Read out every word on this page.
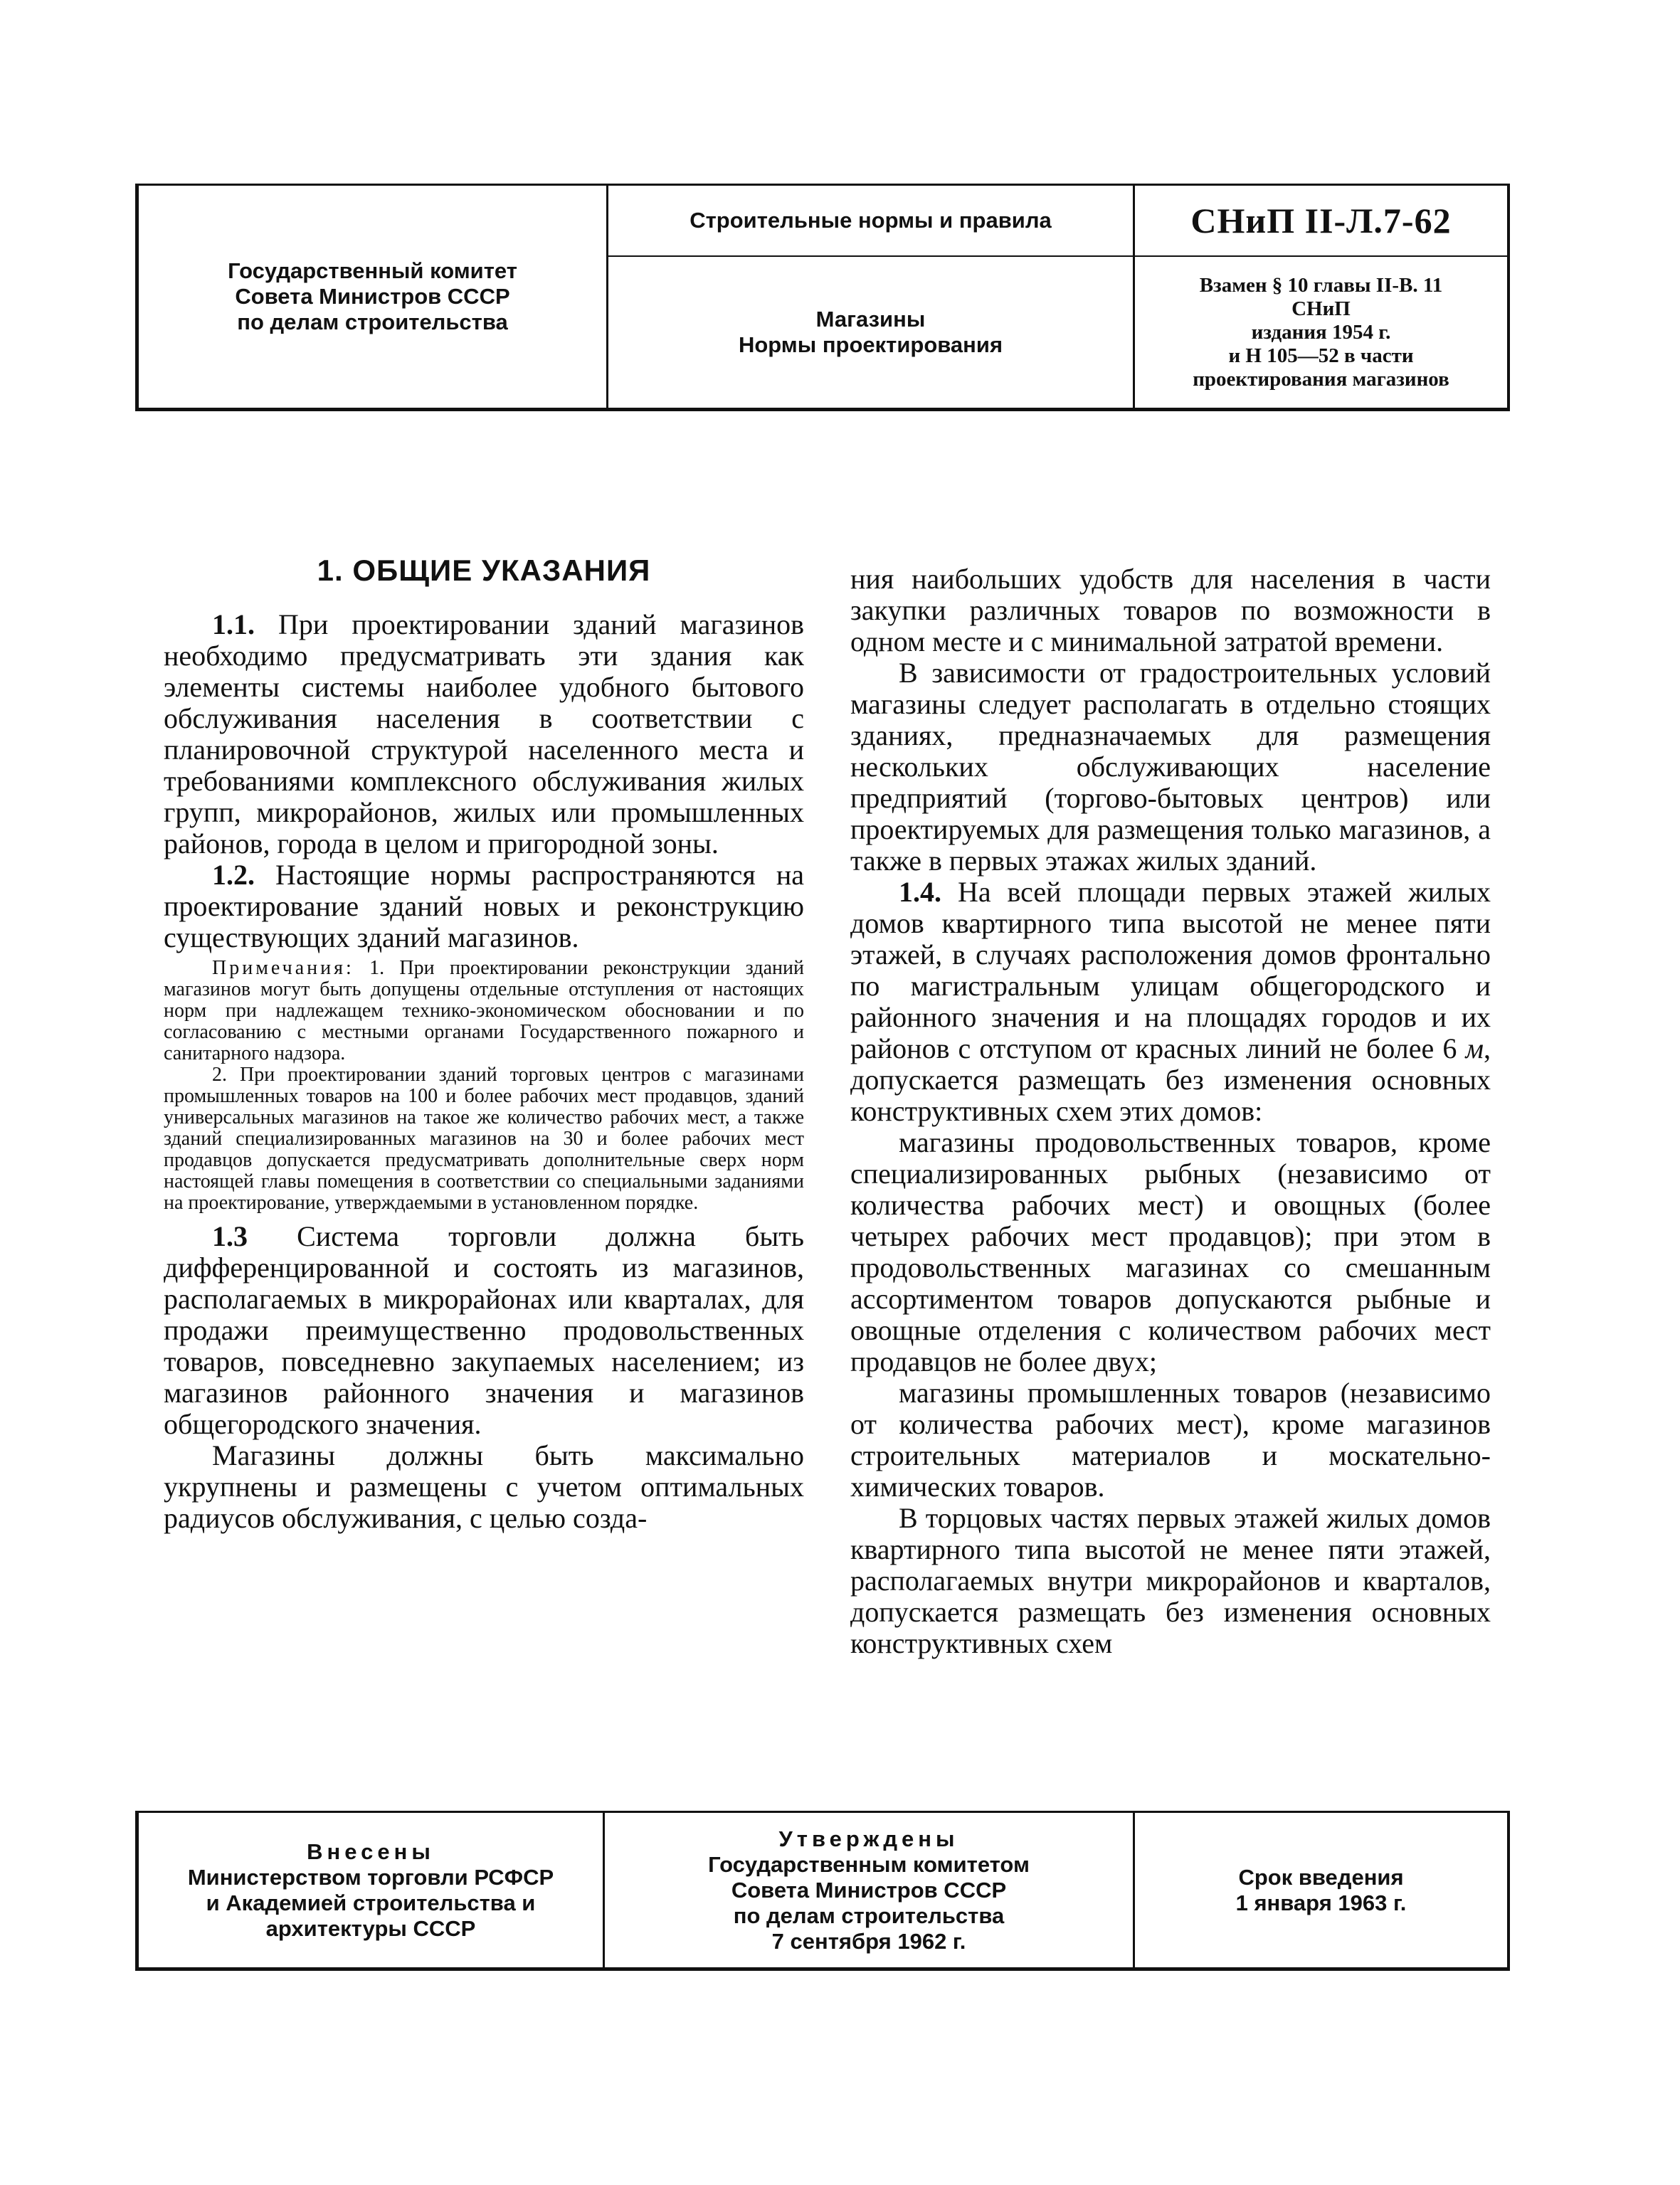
Государственный комитет
Совета Министров СССР
по делам строительства
Строительные нормы и правила
Магазины
Нормы проектирования
СНиП II-Л.7-62
Взамен § 10 главы II-В. 11
СНиП
издания 1954 г.
и Н 105—52 в части
проектирования магазинов
1. ОБЩИЕ УКАЗАНИЯ

1.1. При проектировании зданий магазинов необходимо предусматривать эти здания как элементы системы наиболее удобного бытового обслуживания населения в соответствии с планировочной структурой населенного места и требованиями комплексного обслуживания жилых групп, микрорайонов, жилых или промышленных районов, города в целом и пригородной зоны.

1.2. Настоящие нормы распространяются на проектирование зданий новых и реконструкцию существующих зданий магазинов.

Примечания: 1. При проектировании реконструкции зданий магазинов могут быть допущены отдельные отступления от настоящих норм при надлежащем технико-экономическом обосновании и по согласованию с местными органами Государственного пожарного и санитарного надзора.

2. При проектировании зданий торговых центров с магазинами промышленных товаров на 100 и более рабочих мест продавцов, зданий универсальных магазинов на такое же количество рабочих мест, а также зданий специализированных магазинов на 30 и более рабочих мест продавцов допускается предусматривать дополнительные сверх норм настоящей главы помещения в соответствии со специальными заданиями на проектирование, утверждаемыми в установленном порядке.

1.3 Система торговли должна быть дифференцированной и состоять из магазинов, располагаемых в микрорайонах или кварталах, для продажи преимущественно продовольственных товаров, повседневно закупаемых населением; из магазинов районного значения и магазинов общегородского значения.

Магазины должны быть максимально укрупнены и размещены с учетом оптимальных радиусов обслуживания, с целью созда-

ния наибольших удобств для населения в части закупки различных товаров по возможности в одном месте и с минимальной затратой времени.

В зависимости от градостроительных условий магазины следует располагать в отдельно стоящих зданиях, предназначаемых для размещения нескольких обслуживающих население предприятий (торгово-бытовых центров) или проектируемых для размещения только магазинов, а также в первых этажах жилых зданий.

1.4. На всей площади первых этажей жилых домов квартирного типа высотой не менее пяти этажей, в случаях расположения домов фронтально по магистральным улицам общегородского и районного значения и на площадях городов и их районов с отступом от красных линий не более 6 м, допускается размещать без изменения основных конструктивных схем этих домов:

магазины продовольственных товаров, кроме специализированных рыбных (независимо от количества рабочих мест) и овощных (более четырех рабочих мест продавцов); при этом в продовольственных магазинах со смешанным ассортиментом товаров допускаются рыбные и овощные отделения с количеством рабочих мест продавцов не более двух;

магазины промышленных товаров (независимо от количества рабочих мест), кроме магазинов строительных материалов и москательно-химических товаров.

В торцовых частях первых этажей жилых домов квартирного типа высотой не менее пяти этажей, располагаемых внутри микрорайонов и кварталов, допускается размещать без изменения основных конструктивных схем

Внесены
Министерством торговли РСФСР
и Академией строительства и
архитектуры СССР
Утверждены
Государственным комитетом
Совета Министров СССР
по делам строительства
7 сентября 1962 г.
Срок введения
1 января 1963 г.
